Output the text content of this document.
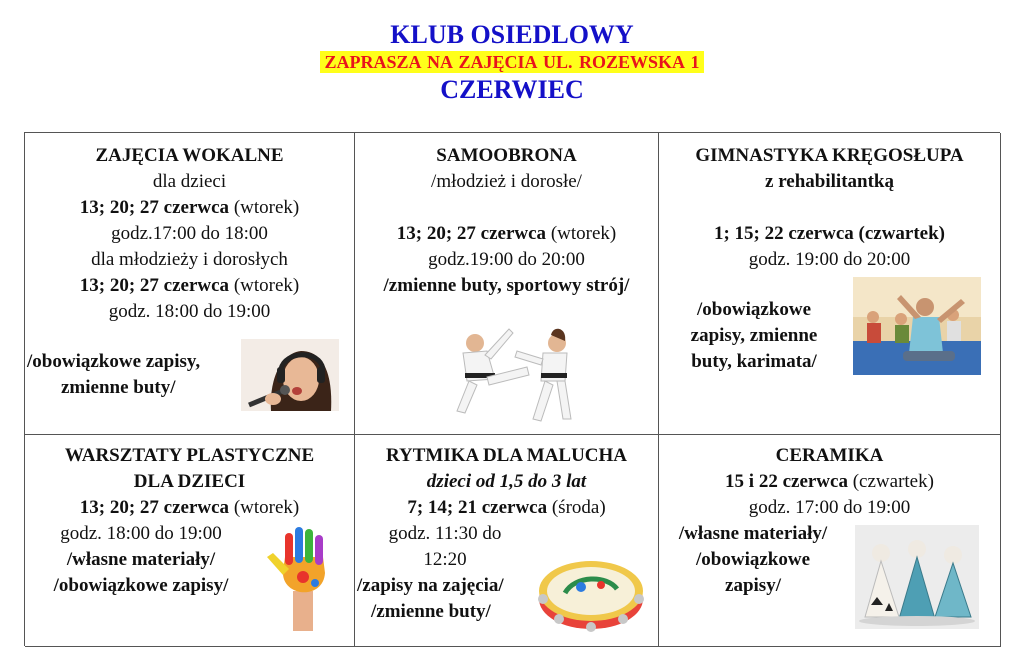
KLUB OSIEDLOWY
ZAPRASZA NA ZAJĘCIA UL. ROZEWSKA 1
CZERWIEC
ZAJĘCIA WOKALNE
dla dzieci
13; 20; 27 czerwca (wtorek)
godz.17:00 do 18:00
dla młodzieży i dorosłych
13; 20; 27 czerwca (wtorek)
godz. 18:00 do 19:00
/obowiązkowe zapisy,
zmienne buty/
SAMOOBRONA
/młodzież i dorosłe/
13; 20; 27 czerwca (wtorek)
godz.19:00 do 20:00
/zmienne buty, sportowy strój/
GIMNASTYKA KRĘGOSŁUPA
z rehabilitantką
1; 15; 22 czerwca (czwartek)
godz. 19:00 do 20:00
/obowiązkowe
zapisy, zmienne
buty, karimata/
WARSZTATY PLASTYCZNE
DLA DZIECI
13; 20; 27 czerwca (wtorek)
godz. 18:00 do 19:00
/własne materiały/
/obowiązkowe zapisy/
RYTMIKA DLA MALUCHA
dzieci od 1,5 do 3 lat
7; 14; 21 czerwca (środa)
godz. 11:30 do
12:20
/zapisy na zajęcia/
/zmienne buty/
CERAMIKA
15 i 22 czerwca (czwartek)
godz. 17:00 do 19:00
/własne materiały/
/obowiązkowe
zapisy/
